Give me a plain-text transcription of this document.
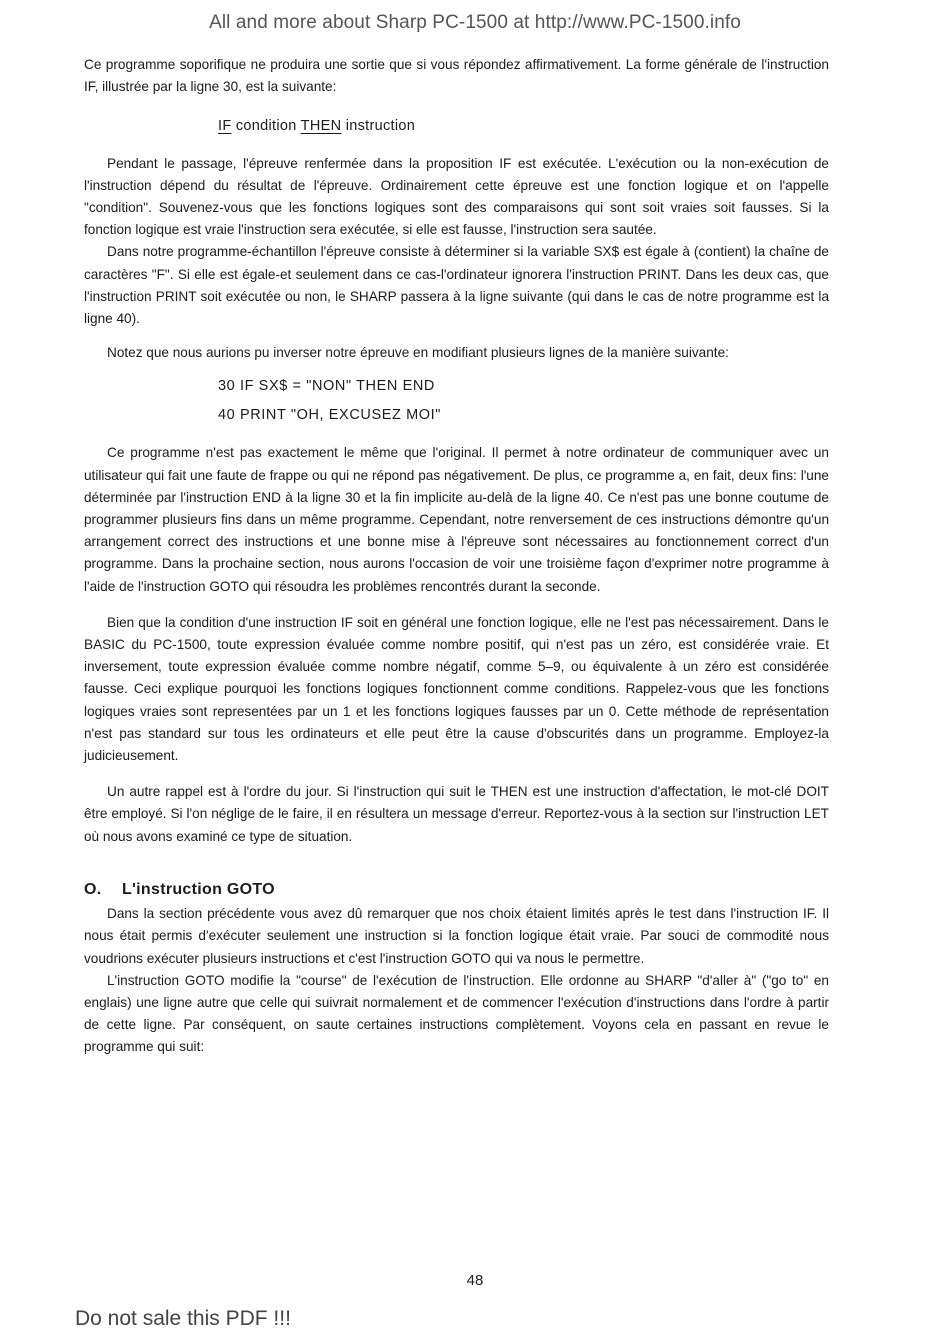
All and more about Sharp PC-1500 at http://www.PC-1500.info

Ce programme soporifique ne produira une sortie que si vous répondez affirmativement. La forme générale de l'instruction IF, illustrée par la ligne 30, est la suivante:

IF condition THEN instruction

Pendant le passage, l'épreuve renfermée dans la proposition IF est exécutée. L'exécution ou la non-exécution de l'instruction dépend du résultat de l'épreuve. Ordinairement cette épreuve est une fonction logique et on l'appelle "condition". Souvenez-vous que les fonctions logiques sont des comparaisons qui sont soit vraies soit fausses. Si la fonction logique est vraie l'instruction sera exécutée, si elle est fausse, l'instruction sera sautée.

Dans notre programme-échantillon l'épreuve consiste à déterminer si la variable SX$ est égale à (contient) la chaîne de caractères "F". Si elle est égale-et seulement dans ce cas-l'ordinateur ignorera l'instruction PRINT. Dans les deux cas, que l'instruction PRINT soit exécutée ou non, le SHARP passera à la ligne suivante (qui dans le cas de notre programme est la ligne 40).

Notez que nous aurions pu inverser notre épreuve en modifiant plusieurs lignes de la manière suivante:

30 IF SX$ = "NON" THEN END
40 PRINT "OH, EXCUSEZ MOI"

Ce programme n'est pas exactement le même que l'original. Il permet à notre ordinateur de communiquer avec un utilisateur qui fait une faute de frappe ou qui ne répond pas négativement. De plus, ce programme a, en fait, deux fins: l'une déterminée par l'instruction END à la ligne 30 et la fin implicite au-delà de la ligne 40. Ce n'est pas une bonne coutume de programmer plusieurs fins dans un même programme. Cependant, notre renversement de ces instructions démontre qu'un arrangement correct des instructions et une bonne mise à l'épreuve sont nécessaires au fonctionnement correct d'un programme. Dans la prochaine section, nous aurons l'occasion de voir une troisième façon d'exprimer notre programme à l'aide de l'instruction GOTO qui résoudra les problèmes rencontrés durant la seconde.

Bien que la condition d'une instruction IF soit en général une fonction logique, elle ne l'est pas nécessairement. Dans le BASIC du PC-1500, toute expression évaluée comme nombre positif, qui n'est pas un zéro, est considérée vraie. Et inversement, toute expression évaluée comme nombre négatif, comme 5–9, ou équivalente à un zéro est considérée fausse. Ceci explique pourquoi les fonctions logiques fonctionnent comme conditions. Rappelez-vous que les fonctions logiques vraies sont representées par un 1 et les fonctions logiques fausses par un 0. Cette méthode de représentation n'est pas standard sur tous les ordinateurs et elle peut être la cause d'obscurités dans un programme. Employez-la judicieusement.

Un autre rappel est à l'ordre du jour. Si l'instruction qui suit le THEN est une instruction d'affectation, le mot-clé DOIT être employé. Si l'on néglige de le faire, il en résultera un message d'erreur. Reportez-vous à la section sur l'instruction LET où nous avons examiné ce type de situation.

O. L'instruction GOTO

Dans la section précédente vous avez dû remarquer que nos choix étaient limités après le test dans l'instruction IF. Il nous était permis d'exécuter seulement une instruction si la fonction logique était vraie. Par souci de commodité nous voudrions exécuter plusieurs instructions et c'est l'instruction GOTO qui va nous le permettre.

L'instruction GOTO modifie la "course" de l'exécution de l'instruction. Elle ordonne au SHARP "d'aller à" ("go to" en englais) une ligne autre que celle qui suivrait normalement et de commencer l'exécution d'instructions dans l'ordre à partir de cette ligne. Par conséquent, on saute certaines instructions complètement. Voyons cela en passant en revue le programme qui suit:

48
Do not sale this PDF !!!
